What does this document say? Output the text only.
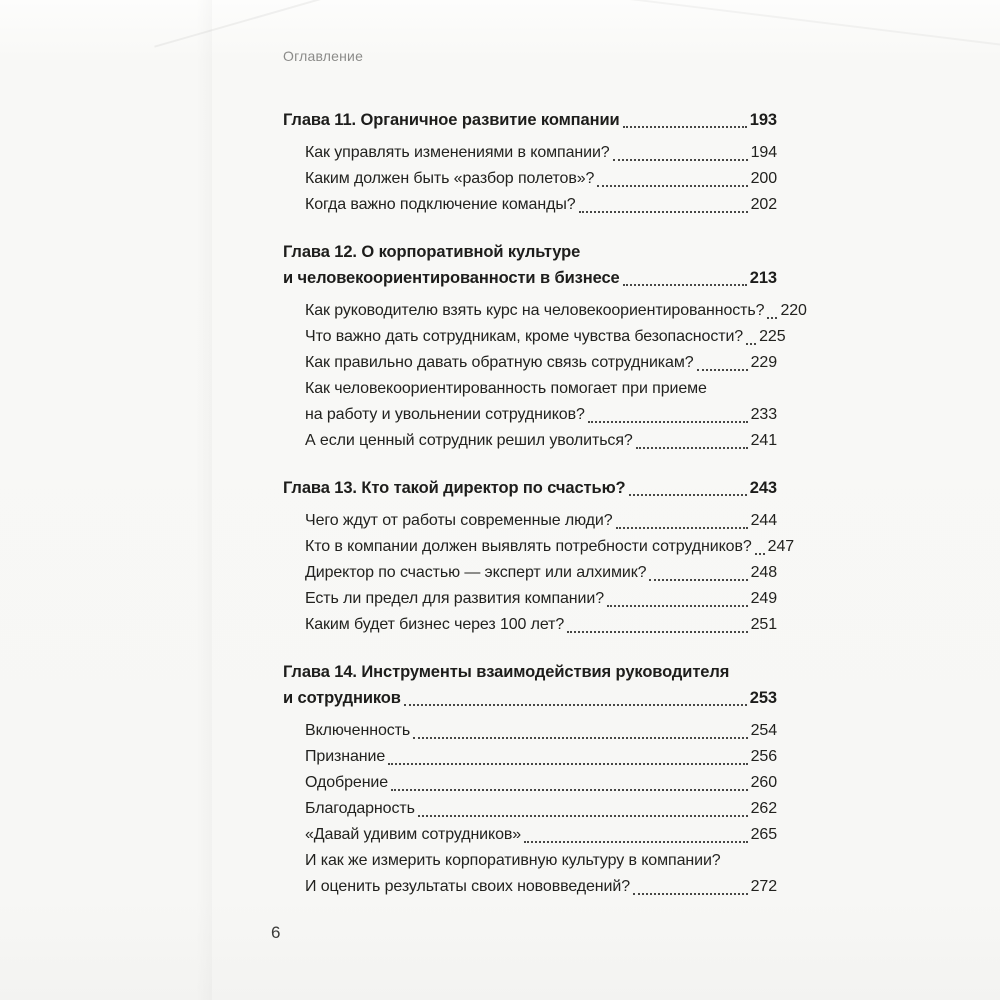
Оглавление
Глава 11. Органичное развитие компании	193
Как управлять изменениями в компании?	194
Каким должен быть «разбор полетов»?	200
Когда важно подключение команды?	202
Глава 12. О корпоративной культуре
и человекоориентированности в бизнесе	213
Как руководителю взять курс на человекоориентированность? 220
Что важно дать сотрудникам, кроме чувства безопасности? 225
Как правильно давать обратную связь сотрудникам?	229
Как человекоориентированность помогает при приеме
на работу и увольнении сотрудников?	233
А если ценный сотрудник решил уволиться?	241
Глава 13. Кто такой директор по счастью?	243
Чего ждут от работы современные люди?	244
Кто в компании должен выявлять потребности сотрудников? 247
Директор по счастью — эксперт или алхимик?	248
Есть ли предел для развития компании?	249
Каким будет бизнес через 100 лет?	251
Глава 14. Инструменты взаимодействия руководителя
и сотрудников	253
Включенность	254
Признание	256
Одобрение	260
Благодарность	262
«Давай удивим сотрудников»	265
И как же измерить корпоративную культуру в компании?
И оценить результаты своих нововведений?	272
6
